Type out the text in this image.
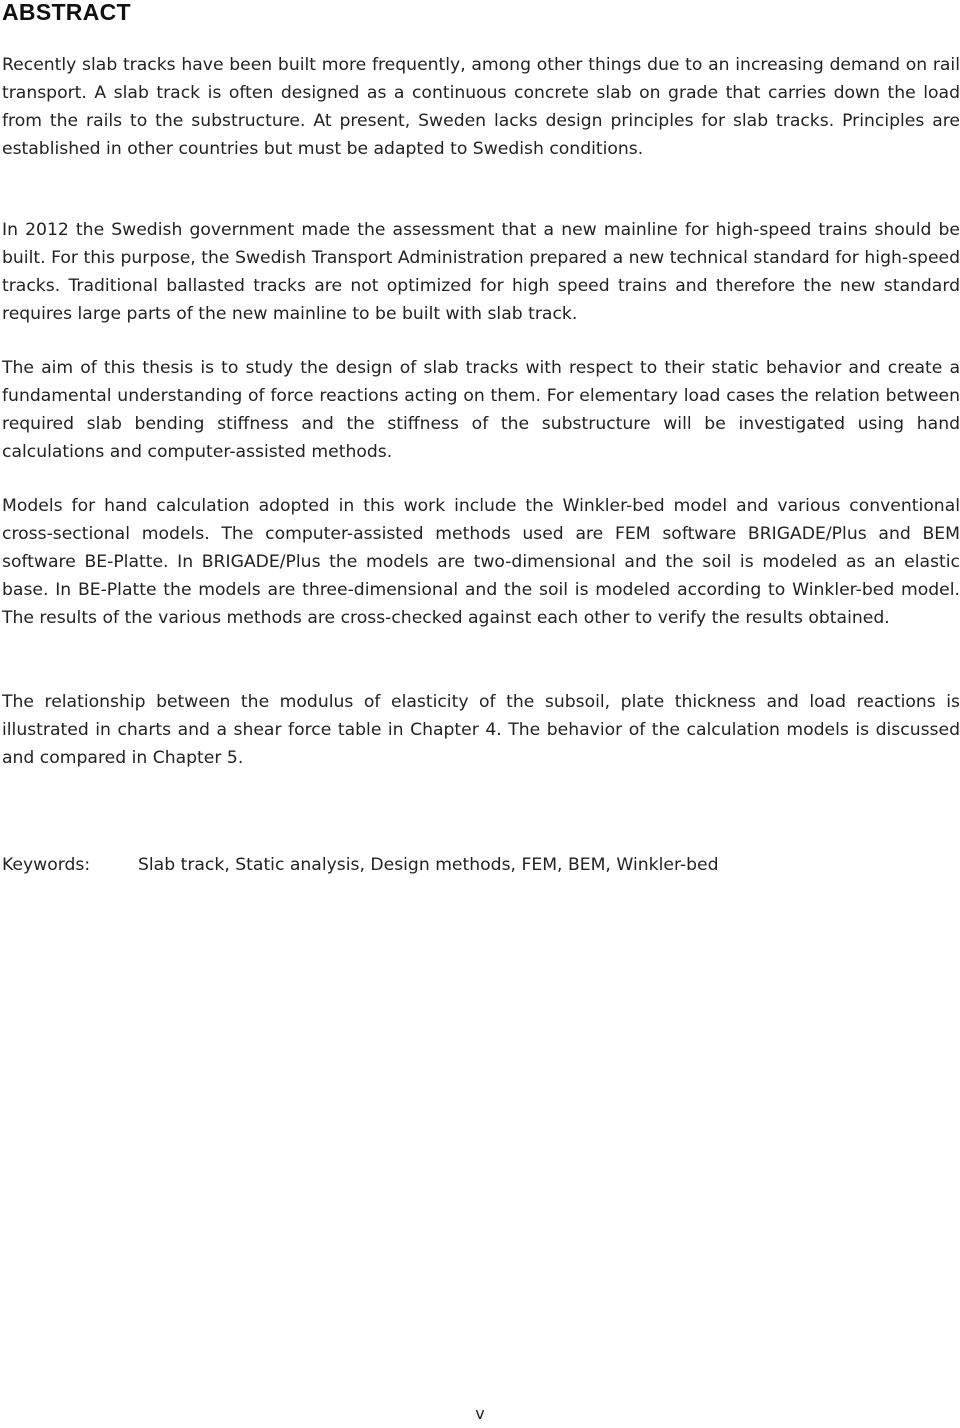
ABSTRACT

Recently slab tracks have been built more frequently, among other things due to an increasing demand on rail transport. A slab track is often designed as a continuous concrete slab on grade that carries down the load from the rails to the substructure. At present, Sweden lacks design principles for slab tracks. Principles are established in other countries but must be adapted to Swedish conditions.

In 2012 the Swedish government made the assessment that a new mainline for high-speed trains should be built. For this purpose, the Swedish Transport Administration prepared a new technical standard for high-speed tracks. Traditional ballasted tracks are not optimized for high speed trains and therefore the new standard requires large parts of the new mainline to be built with slab track.

The aim of this thesis is to study the design of slab tracks with respect to their static behavior and create a fundamental understanding of force reactions acting on them. For elementary load cases the relation between required slab bending stiffness and the stiffness of the substructure will be investigated using hand calculations and computer-assisted methods.

Models for hand calculation adopted in this work include the Winkler-bed model and various conventional cross-sectional models. The computer-assisted methods used are FEM software BRIGADE/Plus and BEM software BE-Platte. In BRIGADE/Plus the models are two-dimensional and the soil is modeled as an elastic base. In BE-Platte the models are three-dimensional and the soil is modeled according to Winkler-bed model. The results of the various methods are cross-checked against each other to verify the results obtained.

The relationship between the modulus of elasticity of the subsoil, plate thickness and load reactions is illustrated in charts and a shear force table in Chapter 4. The behavior of the calculation models is discussed and compared in Chapter 5.

Keywords:	Slab track, Static analysis, Design methods, FEM, BEM, Winkler-bed
v
